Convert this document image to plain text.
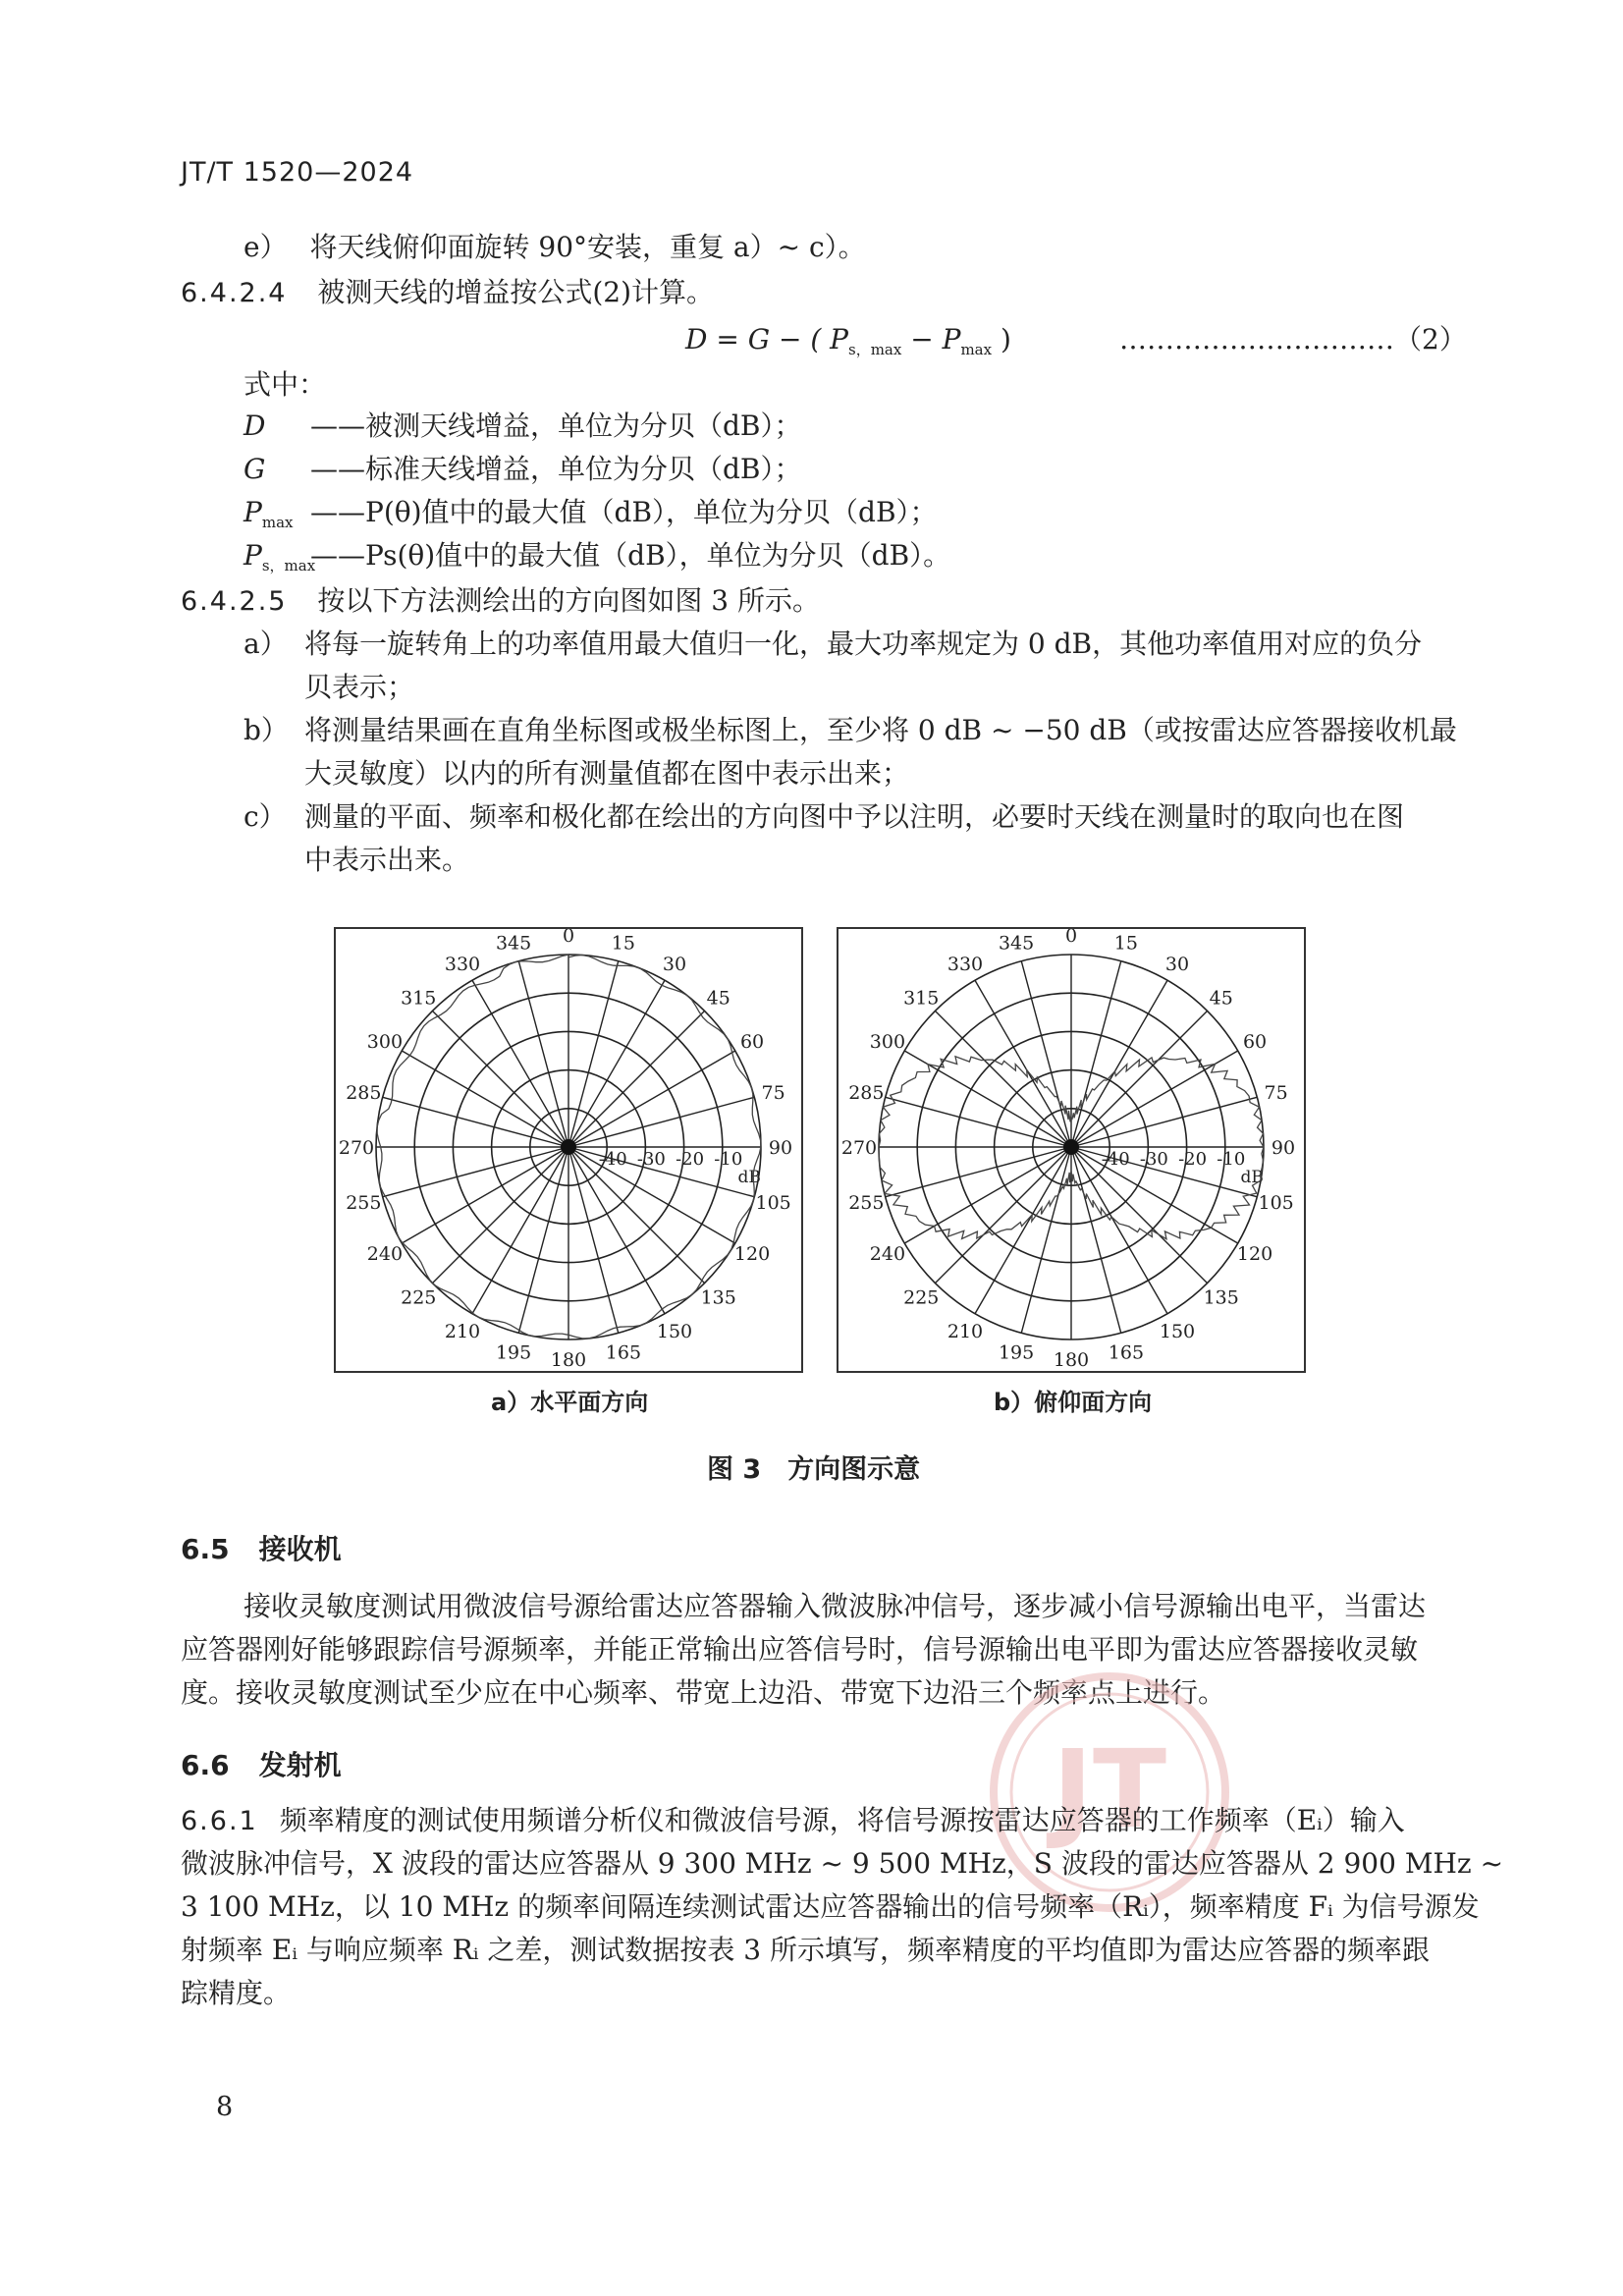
JT/T 1520—2024
e） 将天线俯仰面旋转 90°安装，重复 a）~ c）。
6.4.2.4 被测天线的增益按公式(2)计算。
D = G − ( $P_{s,max} - P_{max}$ )	…………………………（2）
式中：
D ——被测天线增益，单位为分贝（dB）；
G ——标准天线增益，单位为分贝（dB）；
$P_{max}$ ——P(θ)值中的最大值（dB），单位为分贝（dB）；
$P_{s,max}——Ps(\theta)$值中的最大值（dB），单位为分贝（dB）。
6.4.2.5 按以下方法测绘出的方向图如图 3 所示。
a） 将每一旋转角上的功率值用最大值归一化，最大功率规定为 0 dB，其他功率值用对应的负分
贝表示；
b） 将测量结果画在直角坐标图或极坐标图上，至少将 0 dB ~ −50 dB（或按雷达应答器接收机最
大灵敏度）以内的所有测量值都在图中表示出来；
c） 测量的平面、频率和极化都在绘出的方向图中予以注明，必要时天线在测量时的取向也在图
中表示出来。
0 15
30
45
60
75
90
105
120
135
150
165
180
195
210
225
240
255
270
285
300
315
330
345
-40 -30 -20 -10
dB
0 15
30
45
60
75
90
105
120
135
150
165
180
195
210
225
240
255
270
285
300
315
330
345
-40 -30 -20 -10
dB
a）水平面方向	b）俯仰面方向
图 3　方向图示意
6.5 接收机
接收灵敏度测试用微波信号源给雷达应答器输入微波脉冲信号，逐步减小信号源输出电平，当雷达
应答器刚好能够跟踪信号源频率，并能正常输出应答信号时，信号源输出电平即为雷达应答器接收灵敏
度。接收灵敏度测试至少应在中心频率、带宽上边沿、带宽下边沿三个频率点上进行。
JT
6.6 发射机
6.6.1 频率精度的测试使用频谱分析仪和微波信号源，将信号源按雷达应答器的工作频率（Eᵢ）输入
微波脉冲信号，X 波段的雷达应答器从 9 300 MHz ~ 9 500 MHz，S 波段的雷达应答器从 2 900 MHz ~
3 100 MHz，以 10 MHz 的频率间隔连续测试雷达应答器输出的信号频率（Rᵢ），频率精度 Fᵢ 为信号源发
射频率 Eᵢ 与响应频率 Rᵢ 之差，测试数据按表 3 所示填写，频率精度的平均值即为雷达应答器的频率跟
踪精度。
8
